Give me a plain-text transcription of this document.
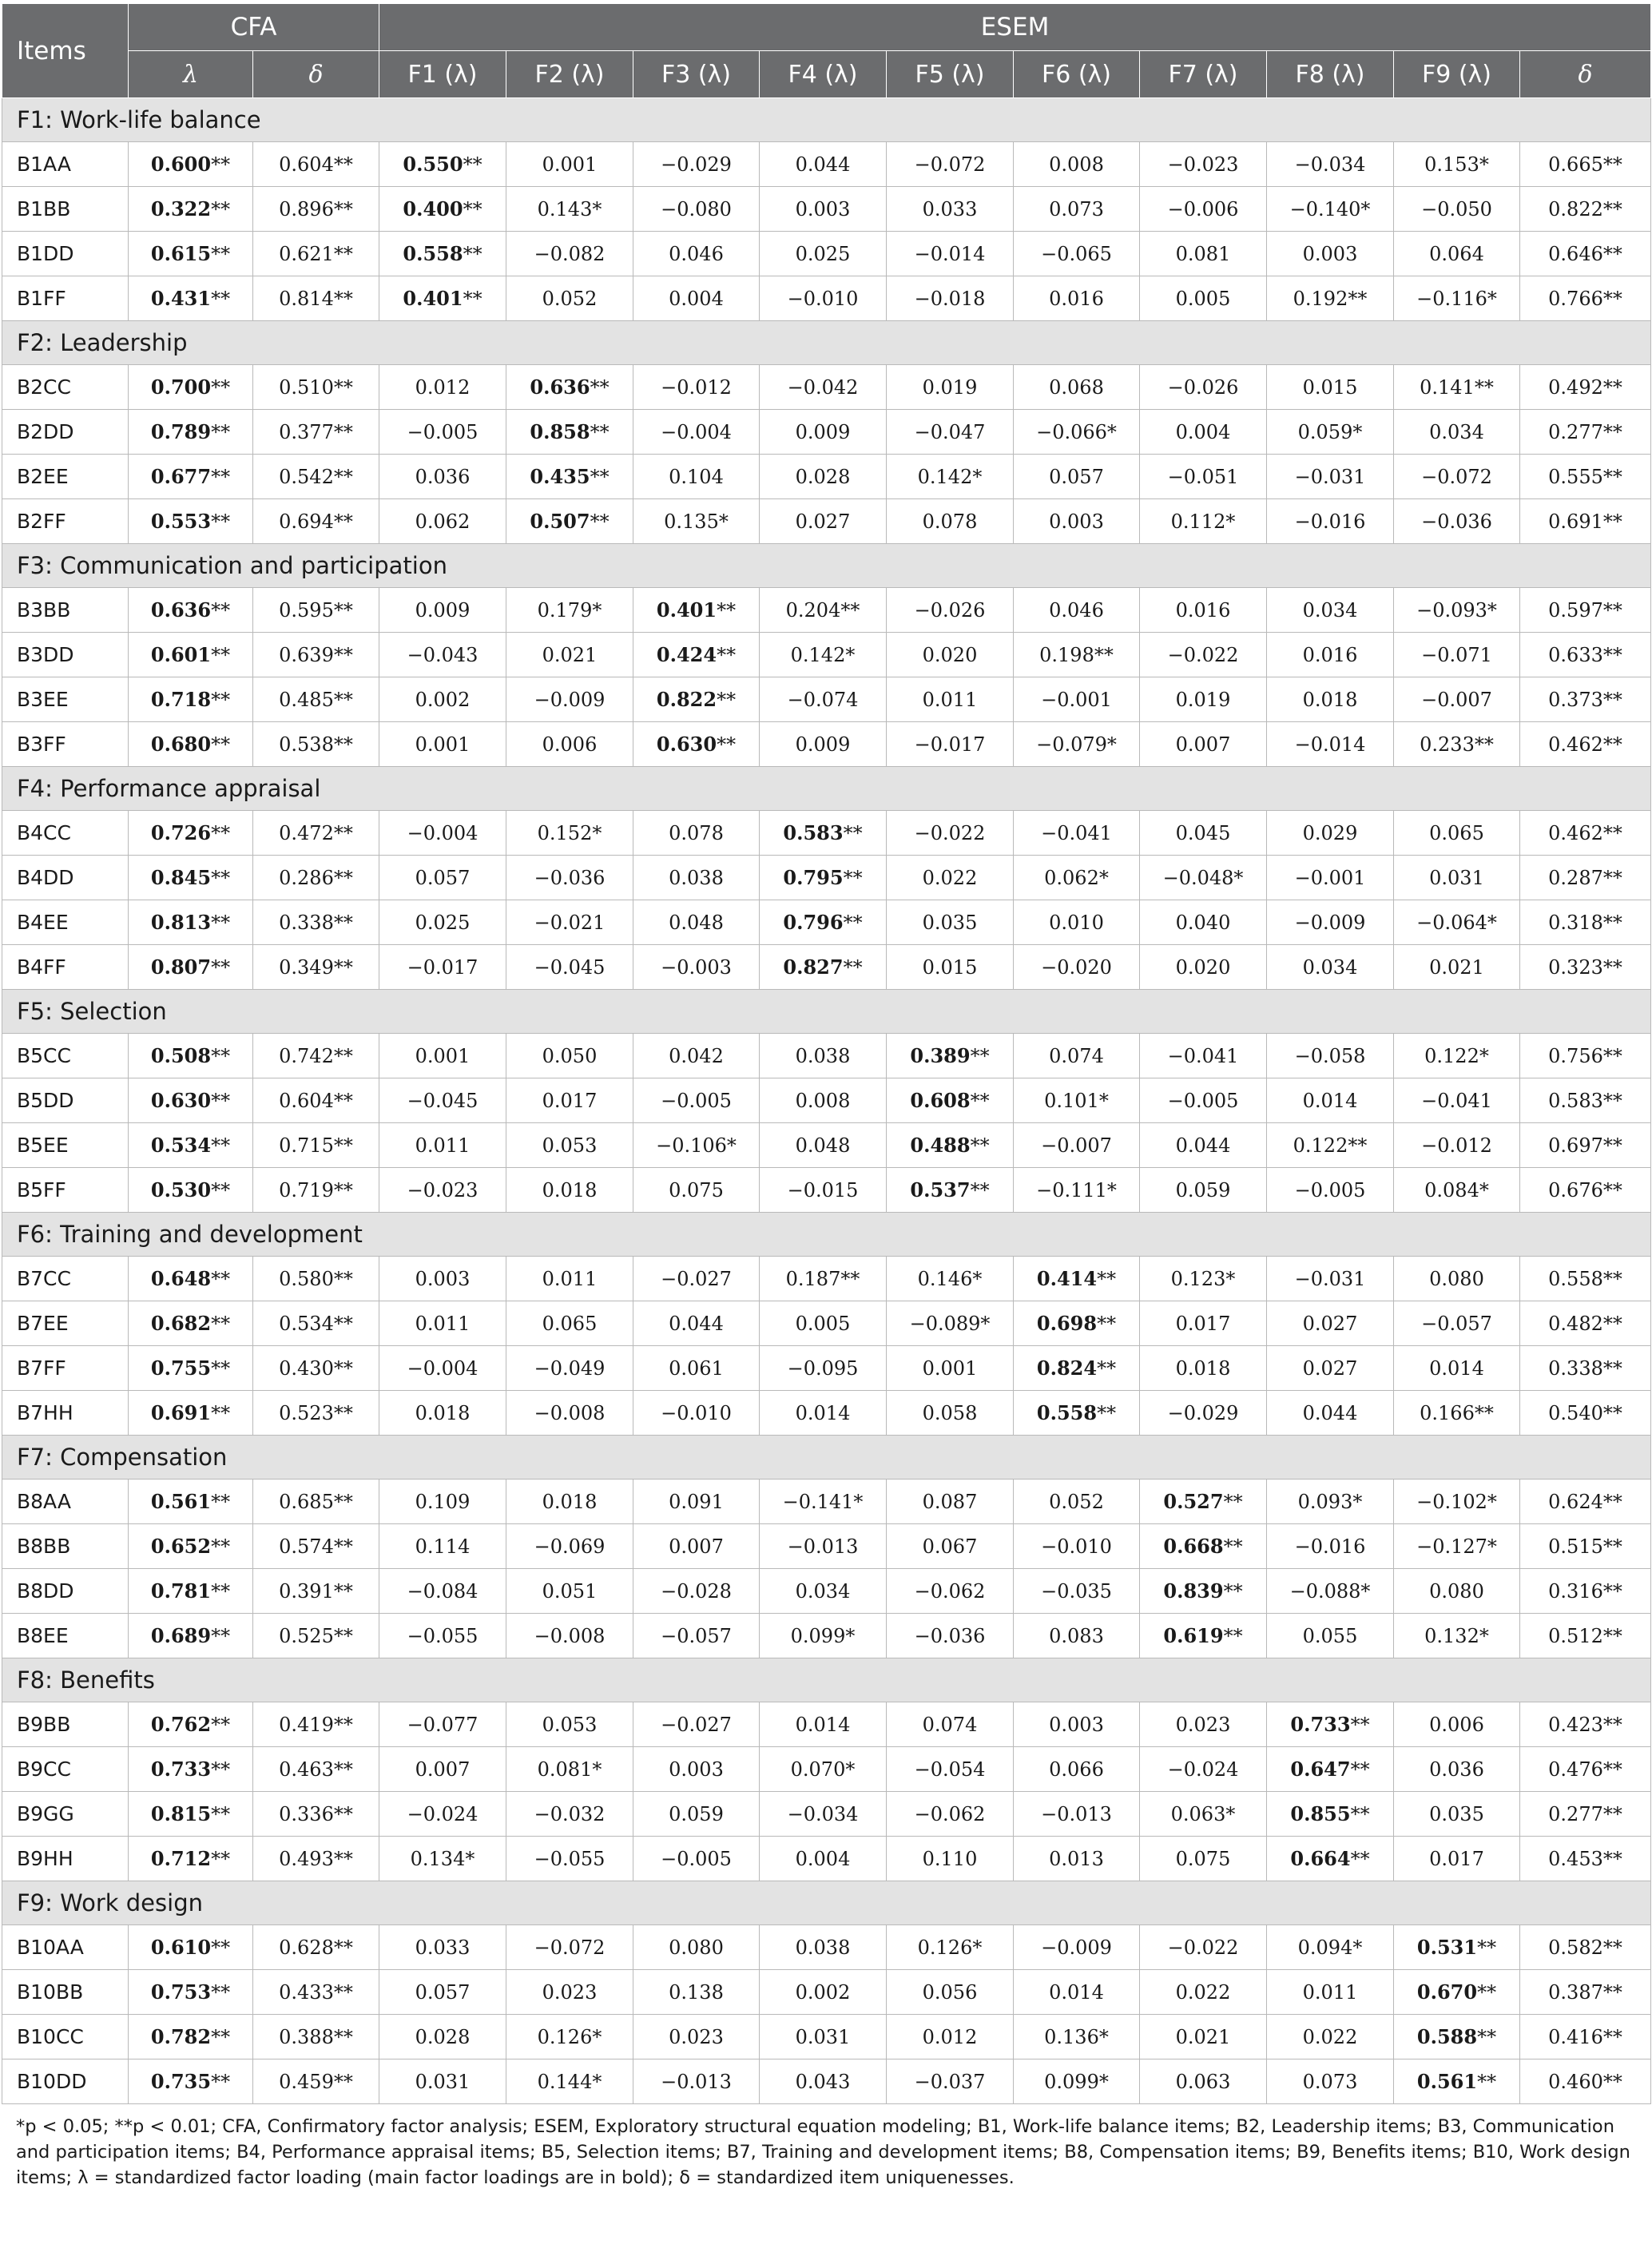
Items	CFA		ESEM									
	λ	δ	F1 (λ)	F2 (λ)	F3 (λ)	F4 (λ)	F5 (λ)	F6 (λ)	F7 (λ)	F8 (λ)	F9 (λ)	δ
F1: Work-life balance												
B1AA	0.600**	0.604**	0.550**	0.001	−0.029	0.044	−0.072	0.008	−0.023	−0.034	0.153*	0.665**
B1BB	0.322**	0.896**	0.400**	0.143*	−0.080	0.003	0.033	0.073	−0.006	−0.140*	−0.050	0.822**
B1DD	0.615**	0.621**	0.558**	−0.082	0.046	0.025	−0.014	−0.065	0.081	0.003	0.064	0.646**
B1FF	0.431**	0.814**	0.401**	0.052	0.004	−0.010	−0.018	0.016	0.005	0.192**	−0.116*	0.766**
F2: Leadership												
B2CC	0.700**	0.510**	0.012	0.636**	−0.012	−0.042	0.019	0.068	−0.026	0.015	0.141**	0.492**
B2DD	0.789**	0.377**	−0.005	0.858**	−0.004	0.009	−0.047	−0.066*	0.004	0.059*	0.034	0.277**
B2EE	0.677**	0.542**	0.036	0.435**	0.104	0.028	0.142*	0.057	−0.051	−0.031	−0.072	0.555**
B2FF	0.553**	0.694**	0.062	0.507**	0.135*	0.027	0.078	0.003	0.112*	−0.016	−0.036	0.691**
F3: Communication and participation												
B3BB	0.636**	0.595**	0.009	0.179*	0.401**	0.204**	−0.026	0.046	0.016	0.034	−0.093*	0.597**
B3DD	0.601**	0.639**	−0.043	0.021	0.424**	0.142*	0.020	0.198**	−0.022	0.016	−0.071	0.633**
B3EE	0.718**	0.485**	0.002	−0.009	0.822**	−0.074	0.011	−0.001	0.019	0.018	−0.007	0.373**
B3FF	0.680**	0.538**	0.001	0.006	0.630**	0.009	−0.017	−0.079*	0.007	−0.014	0.233**	0.462**
F4: Performance appraisal												
B4CC	0.726**	0.472**	−0.004	0.152*	0.078	0.583**	−0.022	−0.041	0.045	0.029	0.065	0.462**
B4DD	0.845**	0.286**	0.057	−0.036	0.038	0.795**	0.022	0.062*	−0.048*	−0.001	0.031	0.287**
B4EE	0.813**	0.338**	0.025	−0.021	0.048	0.796**	0.035	0.010	0.040	−0.009	−0.064*	0.318**
B4FF	0.807**	0.349**	−0.017	−0.045	−0.003	0.827**	0.015	−0.020	0.020	0.034	0.021	0.323**
F5: Selection												
B5CC	0.508**	0.742**	0.001	0.050	0.042	0.038	0.389**	0.074	−0.041	−0.058	0.122*	0.756**
B5DD	0.630**	0.604**	−0.045	0.017	−0.005	0.008	0.608**	0.101*	−0.005	0.014	−0.041	0.583**
B5EE	0.534**	0.715**	0.011	0.053	−0.106*	0.048	0.488**	−0.007	0.044	0.122**	−0.012	0.697**
B5FF	0.530**	0.719**	−0.023	0.018	0.075	−0.015	0.537**	−0.111*	0.059	−0.005	0.084*	0.676**
F6: Training and development												
B7CC	0.648**	0.580**	0.003	0.011	−0.027	0.187**	0.146*	0.414**	0.123*	−0.031	0.080	0.558**
B7EE	0.682**	0.534**	0.011	0.065	0.044	0.005	−0.089*	0.698**	0.017	0.027	−0.057	0.482**
B7FF	0.755**	0.430**	−0.004	−0.049	0.061	−0.095	0.001	0.824**	0.018	0.027	0.014	0.338**
B7HH	0.691**	0.523**	0.018	−0.008	−0.010	0.014	0.058	0.558**	−0.029	0.044	0.166**	0.540**
F7: Compensation												
B8AA	0.561**	0.685**	0.109	0.018	0.091	−0.141*	0.087	0.052	0.527**	0.093*	−0.102*	0.624**
B8BB	0.652**	0.574**	0.114	−0.069	0.007	−0.013	0.067	−0.010	0.668**	−0.016	−0.127*	0.515**
B8DD	0.781**	0.391**	−0.084	0.051	−0.028	0.034	−0.062	−0.035	0.839**	−0.088*	0.080	0.316**
B8EE	0.689**	0.525**	−0.055	−0.008	−0.057	0.099*	−0.036	0.083	0.619**	0.055	0.132*	0.512**
F8: Benefits												
B9BB	0.762**	0.419**	−0.077	0.053	−0.027	0.014	0.074	0.003	0.023	0.733**	0.006	0.423**
B9CC	0.733**	0.463**	0.007	0.081*	0.003	0.070*	−0.054	0.066	−0.024	0.647**	0.036	0.476**
B9GG	0.815**	0.336**	−0.024	−0.032	0.059	−0.034	−0.062	−0.013	0.063*	0.855**	0.035	0.277**
B9HH	0.712**	0.493**	0.134*	−0.055	−0.005	0.004	0.110	0.013	0.075	0.664**	0.017	0.453**
F9: Work design												
B10AA	0.610**	0.628**	0.033	−0.072	0.080	0.038	0.126*	−0.009	−0.022	0.094*	0.531**	0.582**
B10BB	0.753**	0.433**	0.057	0.023	0.138	0.002	0.056	0.014	0.022	0.011	0.670**	0.387**
B10CC	0.782**	0.388**	0.028	0.126*	0.023	0.031	0.012	0.136*	0.021	0.022	0.588**	0.416**
B10DD	0.735**	0.459**	0.031	0.144*	−0.013	0.043	−0.037	0.099*	0.063	0.073	0.561**	0.460**
*p < 0.05; **p < 0.01; CFA, Confirmatory factor analysis; ESEM, Exploratory structural equation modeling; B1, Work-life balance items; B2, Leadership items; B3, Communication and participation items; B4, Performance appraisal items; B5, Selection items; B7, Training and development items; B8, Compensation items; B9, Benefits items; B10, Work design items; λ = standardized factor loading (main factor loadings are in bold); δ = standardized item uniquenesses.
